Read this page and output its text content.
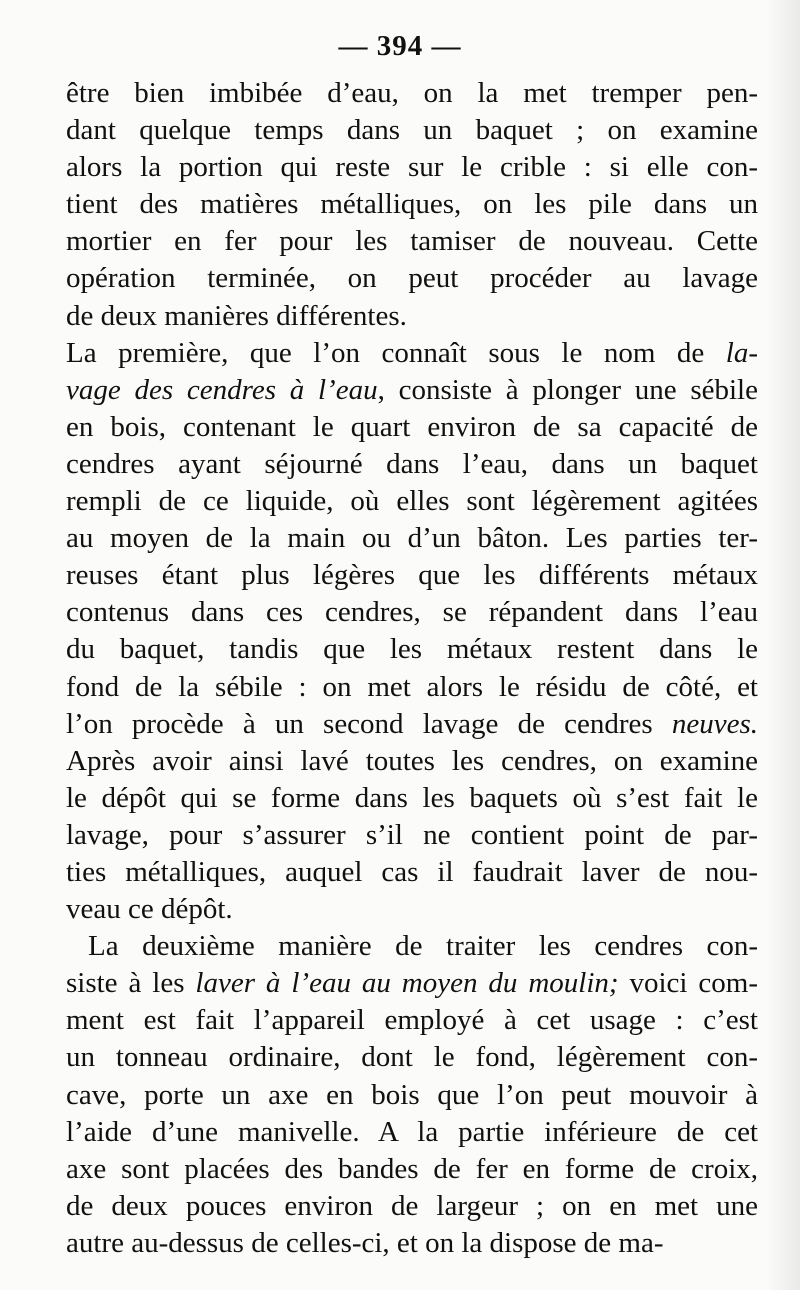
— 394 —
être bien imbibée d’eau, on la met tremper pen-
dant quelque temps dans un baquet ; on examine
alors la portion qui reste sur le crible : si elle con-
tient des matières métalliques, on les pile dans un
mortier en fer pour les tamiser de nouveau. Cette
opération terminée, on peut procéder au lavage
de deux manières différentes.
La première, que l’on connaît sous le nom de la-
vage des cendres à l’eau, consiste à plonger une sébile
en bois, contenant le quart environ de sa capacité de
cendres ayant séjourné dans l’eau, dans un baquet
rempli de ce liquide, où elles sont légèrement agitées
au moyen de la main ou d’un bâton. Les parties ter-
reuses étant plus légères que les différents métaux
contenus dans ces cendres, se répandent dans l’eau
du baquet, tandis que les métaux restent dans le
fond de la sébile : on met alors le résidu de côté, et
l’on procède à un second lavage de cendres neuves.
Après avoir ainsi lavé toutes les cendres, on examine
le dépôt qui se forme dans les baquets où s’est fait le
lavage, pour s’assurer s’il ne contient point de par-
ties métalliques, auquel cas il faudrait laver de nou-
veau ce dépôt.
La deuxième manière de traiter les cendres con-
siste à les laver à l’eau au moyen du moulin; voici com-
ment est fait l’appareil employé à cet usage : c’est
un tonneau ordinaire, dont le fond, légèrement con-
cave, porte un axe en bois que l’on peut mouvoir à
l’aide d’une manivelle. A la partie inférieure de cet
axe sont placées des bandes de fer en forme de croix,
de deux pouces environ de largeur ; on en met une
autre au-dessus de celles-ci, et on la dispose de ma-
